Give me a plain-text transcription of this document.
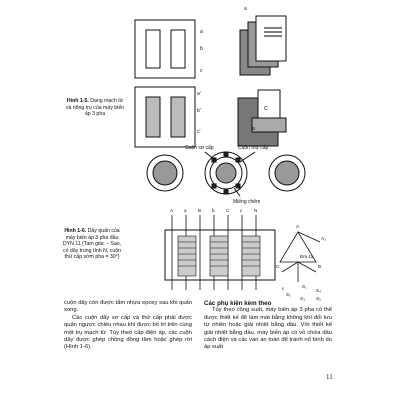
a
b
c
a'
b'
c'
a
C
a
Hình 1-5. Dạng mạch từ và nõng trụ của máy biến áp 3 pha
Cuộn sơ cấp	Cuộn thứ cấp
Miếng chêm
Hình 1-6. Dây quấn của máy biến áp 3 pha đấu DYN 11 (Tam giác – Sao, có dây trung tính N, cuộn thứ cấp sớm pha = 30°)
A a B b C c	N
A
A₂
Đm 11
C	B
ɛ	S₁
S₂
S₃
S₄
S₅

cuộn dây còn được tẩm nhựa epoxy sau khi quấn xong.

Các cuộn dây sơ cấp và thứ cấp phải được quấn ngược chiều nhau khi được bố trí trên cùng một trụ mạch từ. Tùy theo cấp điện áp, các cuộn dây được ghép chồng đồng tâm hoặc ghép rời (Hình 1-6).

Các phụ kiện kèm theo

Tùy theo công suất, máy biến áp 3 pha có thể được thiết kế để làm mát bằng không khí đối lưu tự nhiên hoặc giải nhiệt bằng dầu. Với thiết kế giải nhiệt bằng dầu, máy biến áp có vỏ chứa dầu cách điện và các van an toàn để tránh nổ bình do áp suất

11
